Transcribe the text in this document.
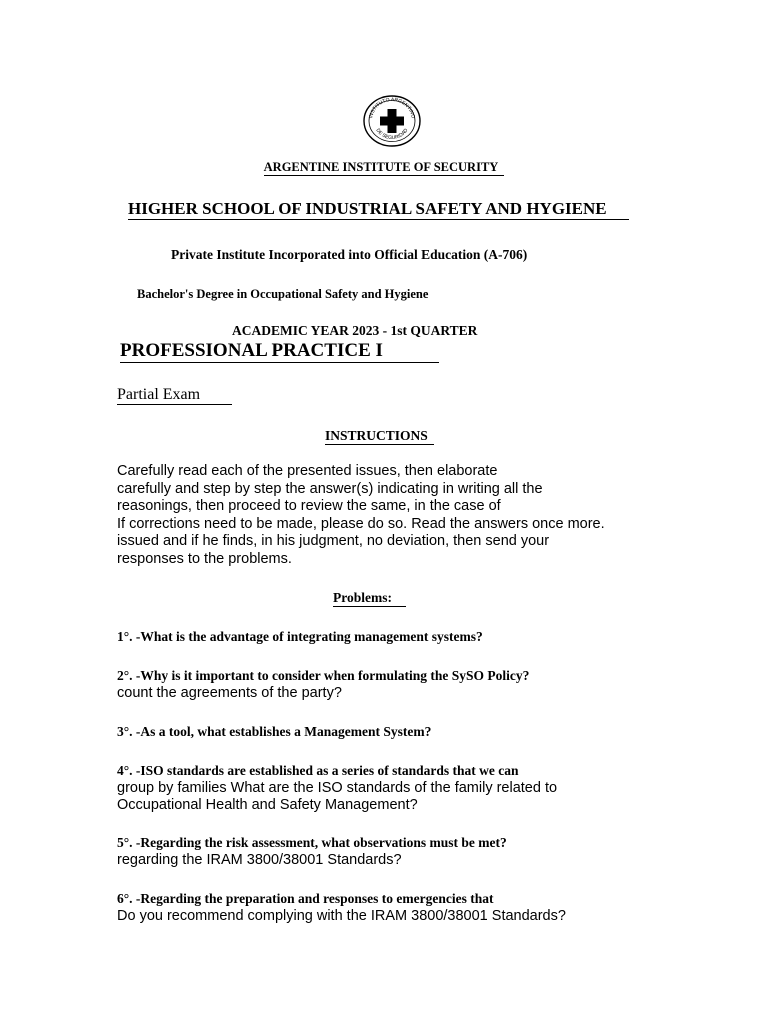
INSTITUTO ARGENTINO
DE SEGURIDAD
ARGENTINE INSTITUTE OF SECURITY
HIGHER SCHOOL OF INDUSTRIAL SAFETY AND HYGIENE
Private Institute Incorporated into Official Education (A-706)
Bachelor's Degree in Occupational Safety and Hygiene
ACADEMIC YEAR 2023 - 1st QUARTER
PROFESSIONAL PRACTICE I
Partial Exam
INSTRUCTIONS
Carefully read each of the presented issues, then elaborate
carefully and step by step the answer(s) indicating in writing all the
reasonings, then proceed to review the same, in the case of
If corrections need to be made, please do so. Read the answers once more.
issued and if he finds, in his judgment, no deviation, then send your
responses to the problems.
Problems:
1°. -What is the advantage of integrating management systems?
2°. -Why is it important to consider when formulating the SySO Policy?
count the agreements of the party?
3°. -As a tool, what establishes a Management System?
4°. -ISO standards are established as a series of standards that we can
group by families What are the ISO standards of the family related to
Occupational Health and Safety Management?
5°. -Regarding the risk assessment, what observations must be met?
regarding the IRAM 3800/38001 Standards?
6°. -Regarding the preparation and responses to emergencies that
Do you recommend complying with the IRAM 3800/38001 Standards?
